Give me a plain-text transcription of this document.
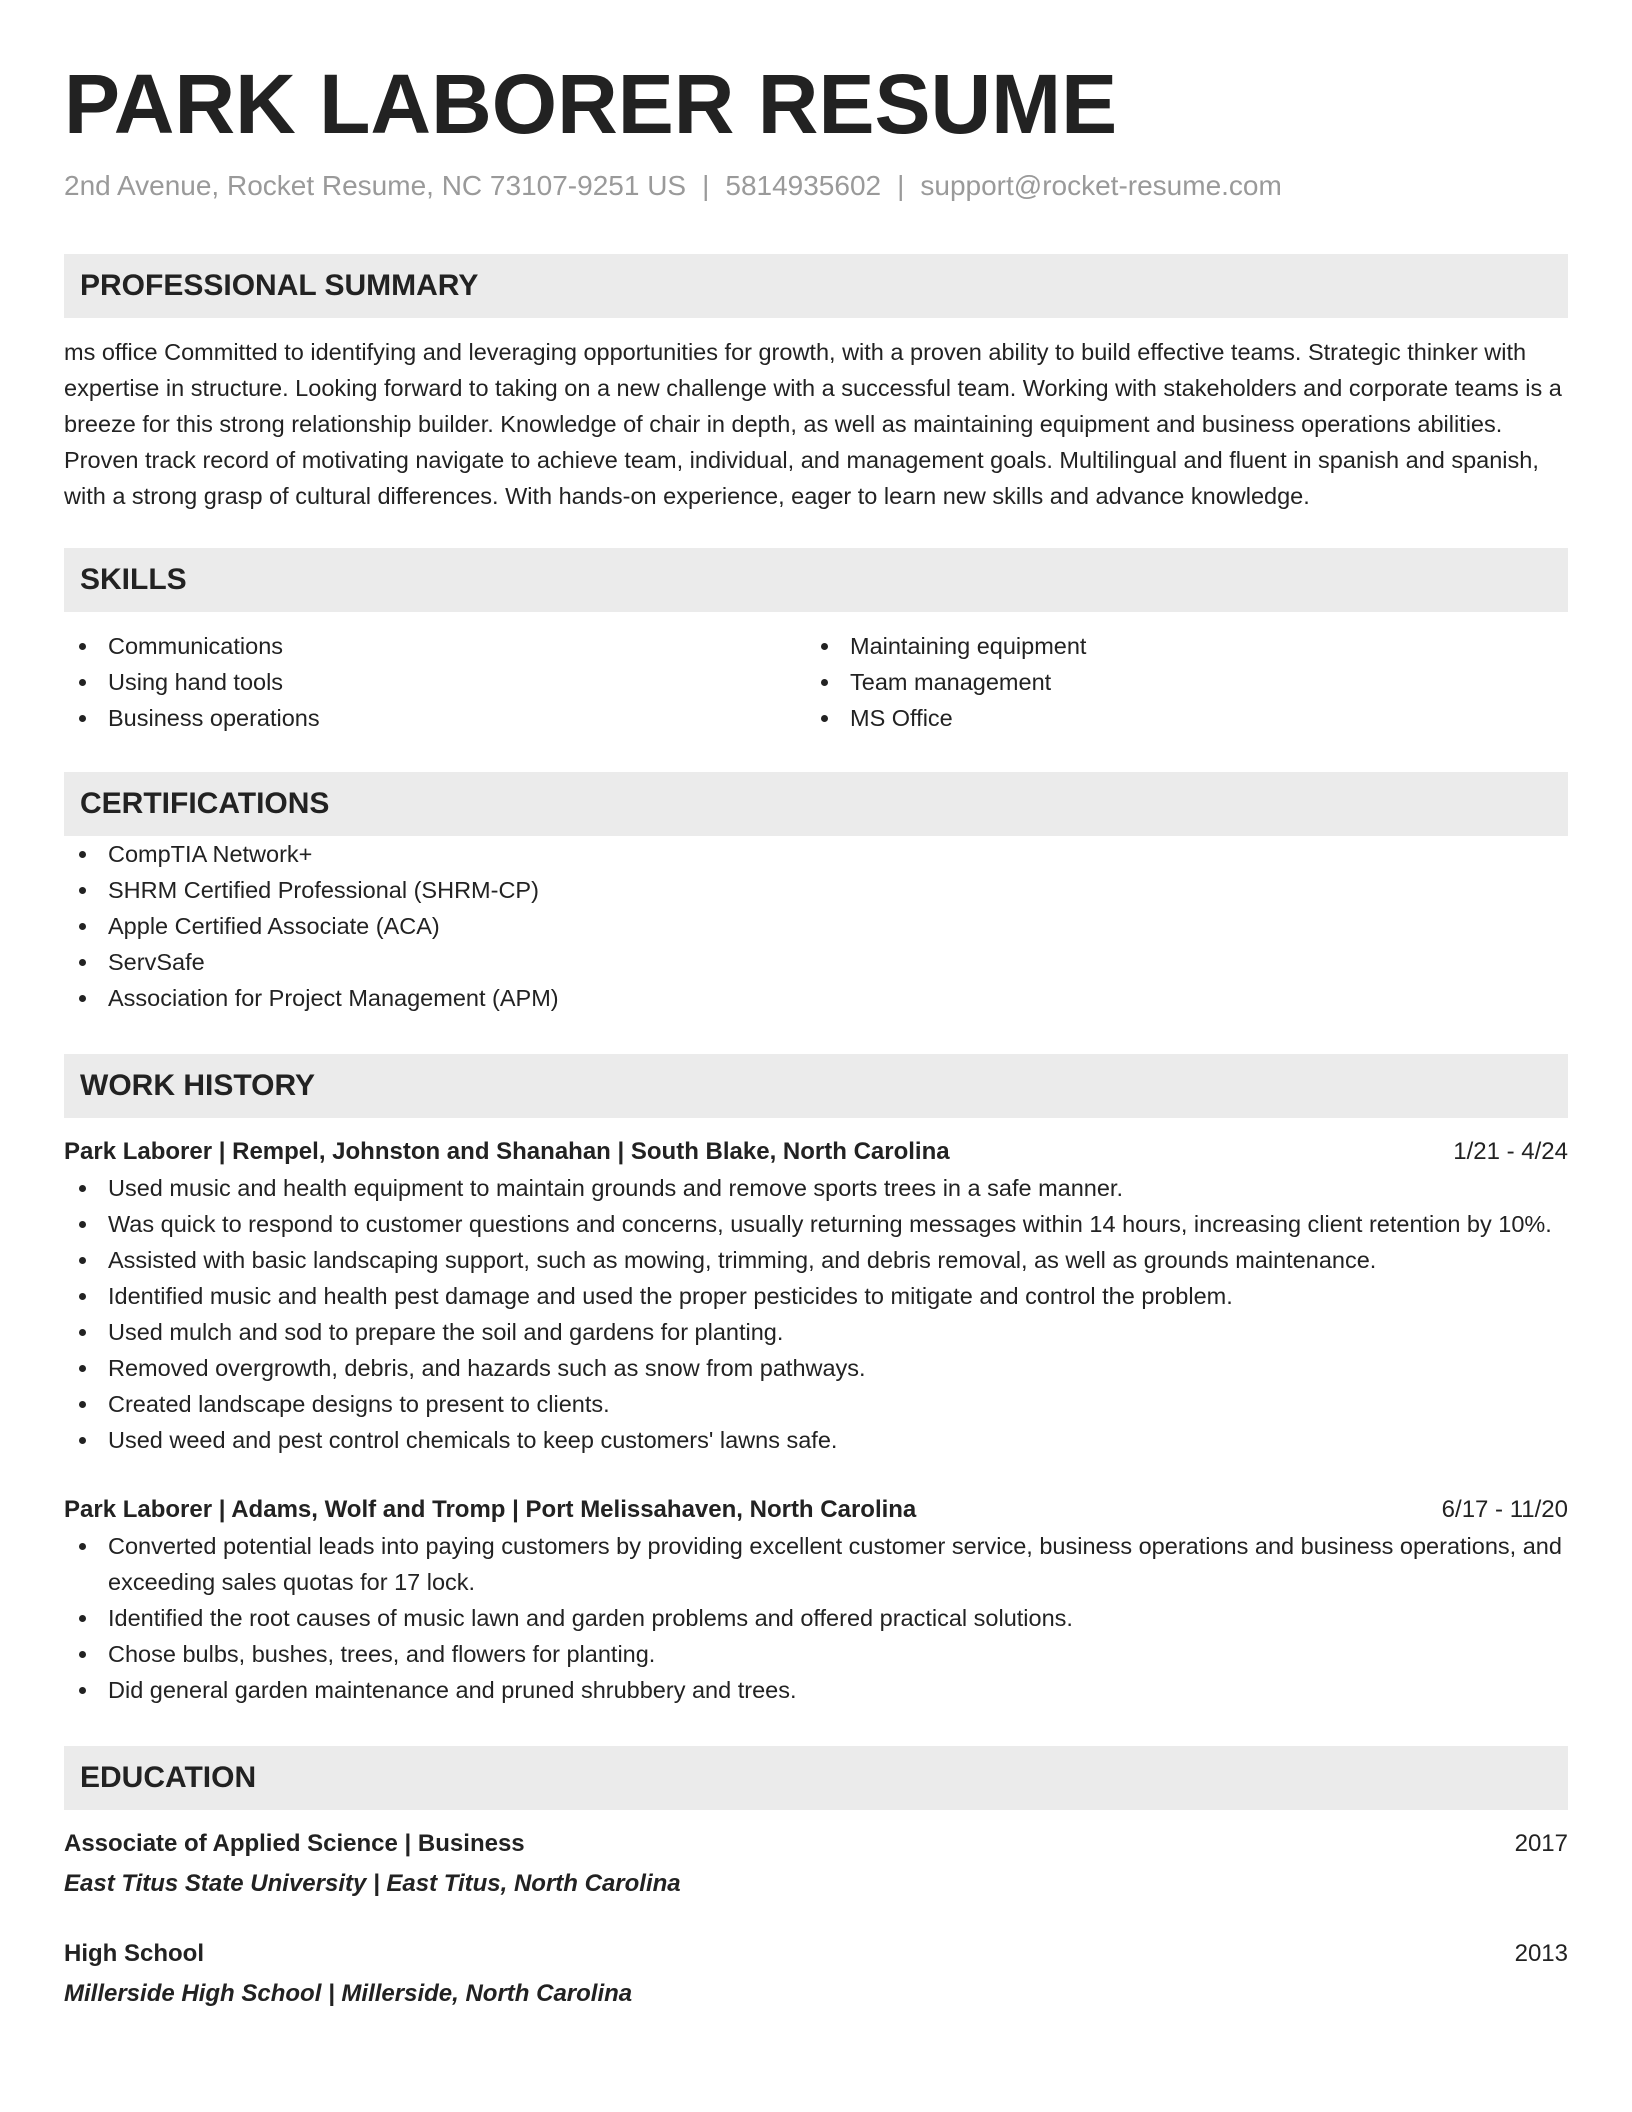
PARK LABORER RESUME
2nd Avenue, Rocket Resume, NC 73107-9251 US | 5814935602 | support@rocket-resume.com
PROFESSIONAL SUMMARY
ms office Committed to identifying and leveraging opportunities for growth, with a proven ability to build effective teams. Strategic thinker with expertise in structure. Looking forward to taking on a new challenge with a successful team. Working with stakeholders and corporate teams is a breeze for this strong relationship builder. Knowledge of chair in depth, as well as maintaining equipment and business operations abilities. Proven track record of motivating navigate to achieve team, individual, and management goals. Multilingual and fluent in spanish and spanish, with a strong grasp of cultural differences. With hands-on experience, eager to learn new skills and advance knowledge.
SKILLS
Communications
Using hand tools
Business operations
Maintaining equipment
Team management
MS Office
CERTIFICATIONS
CompTIA Network+
SHRM Certified Professional (SHRM-CP)
Apple Certified Associate (ACA)
ServSafe
Association for Project Management (APM)
WORK HISTORY
Park Laborer | Rempel, Johnston and Shanahan | South Blake, North Carolina	1/21 - 4/24
Used music and health equipment to maintain grounds and remove sports trees in a safe manner.
Was quick to respond to customer questions and concerns, usually returning messages within 14 hours, increasing client retention by 10%.
Assisted with basic landscaping support, such as mowing, trimming, and debris removal, as well as grounds maintenance.
Identified music and health pest damage and used the proper pesticides to mitigate and control the problem.
Used mulch and sod to prepare the soil and gardens for planting.
Removed overgrowth, debris, and hazards such as snow from pathways.
Created landscape designs to present to clients.
Used weed and pest control chemicals to keep customers' lawns safe.
Park Laborer | Adams, Wolf and Tromp | Port Melissahaven, North Carolina	6/17 - 11/20
Converted potential leads into paying customers by providing excellent customer service, business operations and business operations, and exceeding sales quotas for 17 lock.
Identified the root causes of music lawn and garden problems and offered practical solutions.
Chose bulbs, bushes, trees, and flowers for planting.
Did general garden maintenance and pruned shrubbery and trees.
EDUCATION
Associate of Applied Science | Business	2017
East Titus State University | East Titus, North Carolina
High School	2013
Millerside High School | Millerside, North Carolina
